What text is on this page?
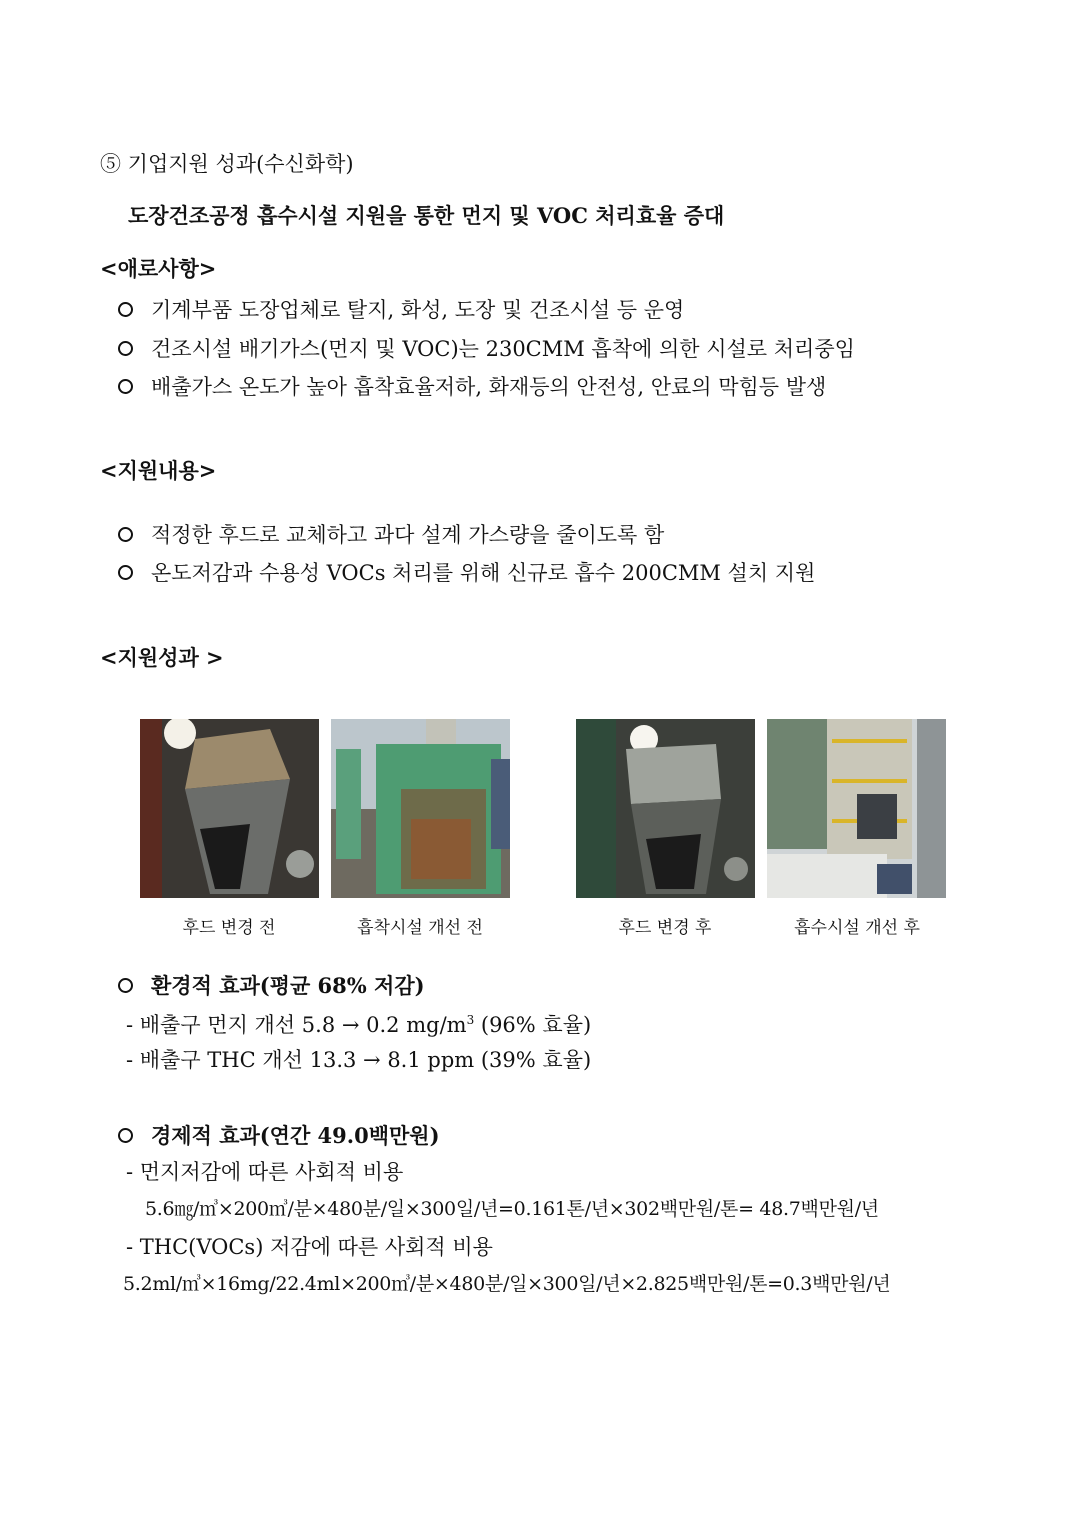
⑤ 기업지원 성과(수신화학)
도장건조공정 흡수시설 지원을 통한 먼지 및 VOC 처리효율 증대
<애로사항>
기계부품 도장업체로 탈지, 화성, 도장 및 건조시설 등 운영
건조시설 배기가스(먼지 및 VOC)는 230CMM 흡착에 의한 시설로 처리중임
배출가스 온도가 높아 흡착효율저하, 화재등의 안전성, 안료의 막힘등 발생
<지원내용>
적정한 후드로 교체하고 과다 설계 가스량을 줄이도록 함
온도저감과 수용성 VOCs 처리를 위해 신규로 흡수 200CMM 설치 지원
<지원성과 >
후드 변경 전	흡착시설 개선 전	후드 변경 후	흡수시설 개선 후
환경적 효과(평균 68% 저감)
- 배출구 먼지 개선 5.8 → 0.2 $mg/m^3$ (96% 효율)
- 배출구 THC 개선 13.3 → 8.1 ppm (39% 효율)
경제적 효과(연간 49.0백만원)
- 먼지저감에 따른 사회적 비용
5.6㎎/㎥×200㎥/분×480분/일×300일/년=0.161톤/년×302백만원/톤= 48.7백만원/년
- THC(VOCs) 저감에 따른 사회적 비용
5.2ml/㎥×16mg/22.4ml×200㎥/분×480분/일×300일/년×2.825백만원/톤=0.3백만원/년
